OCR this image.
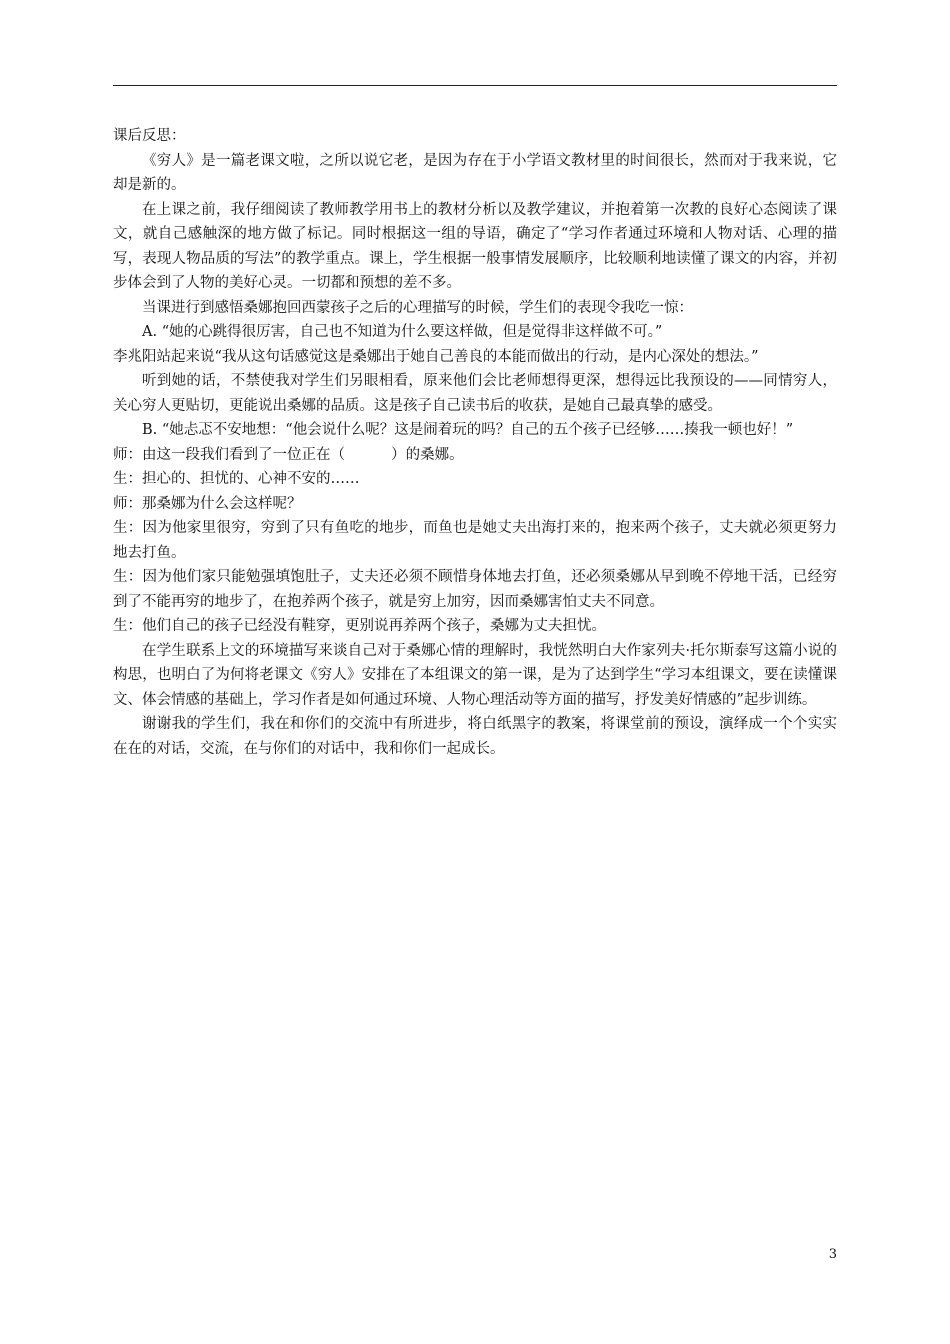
课后反思：

《穷人》是一篇老课文啦，之所以说它老，是因为存在于小学语文教材里的时间很长，然而对于我来说，它却是新的。

在上课之前，我仔细阅读了教师教学用书上的教材分析以及教学建议，并抱着第一次教的良好心态阅读了课文，就自己感触深的地方做了标记。同时根据这一组的导语，确定了“学习作者通过环境和人物对话、心理的描写，表现人物品质的写法”的教学重点。课上，学生根据一般事情发展顺序，比较顺利地读懂了课文的内容，并初步体会到了人物的美好心灵。一切都和预想的差不多。

当课进行到感悟桑娜抱回西蒙孩子之后的心理描写的时候，学生们的表现令我吃一惊：

A. “她的心跳得很厉害，自己也不知道为什么要这样做，但是觉得非这样做不可。”

李兆阳站起来说“我从这句话感觉这是桑娜出于她自己善良的本能而做出的行动，是内心深处的想法。”

听到她的话，不禁使我对学生们另眼相看，原来他们会比老师想得更深，想得远比我预设的——同情穷人，关心穷人更贴切，更能说出桑娜的品质。这是孩子自己读书后的收获，是她自己最真挚的感受。

B. “她忐忑不安地想：“他会说什么呢？这是闹着玩的吗？自己的五个孩子已经够……揍我一顿也好！”

师：由这一段我们看到了一位正在（          ）的桑娜。

生：担心的、担忧的、心神不安的……

师：那桑娜为什么会这样呢？

生：因为他家里很穷，穷到了只有鱼吃的地步，而鱼也是她丈夫出海打来的，抱来两个孩子，丈夫就必须更努力地去打鱼。

生：因为他们家只能勉强填饱肚子，丈夫还必须不顾惜身体地去打鱼，还必须桑娜从早到晚不停地干活，已经穷到了不能再穷的地步了，在抱养两个孩子，就是穷上加穷，因而桑娜害怕丈夫不同意。

生：他们自己的孩子已经没有鞋穿，更别说再养两个孩子，桑娜为丈夫担忧。

在学生联系上文的环境描写来谈自己对于桑娜心情的理解时，我恍然明白大作家列夫·托尔斯泰写这篇小说的构思，也明白了为何将老课文《穷人》安排在了本组课文的第一课，是为了达到学生“学习本组课文，要在读懂课文、体会情感的基础上，学习作者是如何通过环境、人物心理活动等方面的描写，抒发美好情感的”起步训练。

谢谢我的学生们，我在和你们的交流中有所进步，将白纸黑字的教案，将课堂前的预设，演绎成一个个实实在在的对话，交流，在与你们的对话中，我和你们一起成长。

3
